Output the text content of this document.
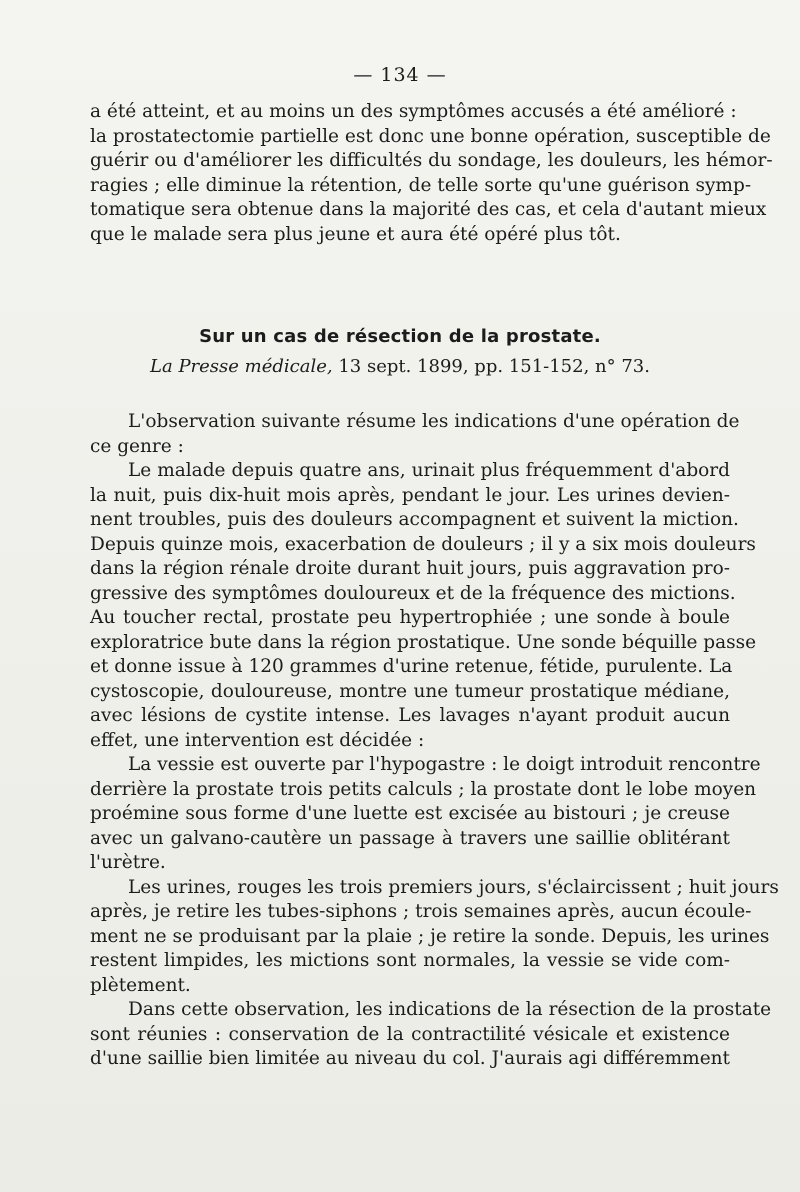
— 134 —
a été atteint, et au moins un des symptômes accusés a été amélioré :
la prostatectomie partielle est donc une bonne opération, susceptible de
guérir ou d'améliorer les difficultés du sondage, les douleurs, les hémor-
ragies ; elle diminue la rétention, de telle sorte qu'une guérison symp-
tomatique sera obtenue dans la majorité des cas, et cela d'autant mieux
que le malade sera plus jeune et aura été opéré plus tôt.
Sur un cas de résection de la prostate.
La Presse médicale, 13 sept. 1899, pp. 151-152, n° 73.
L'observation suivante résume les indications d'une opération de
ce genre :
Le malade depuis quatre ans, urinait plus fréquemment d'abord
la nuit, puis dix-huit mois après, pendant le jour. Les urines devien-
nent troubles, puis des douleurs accompagnent et suivent la miction.
Depuis quinze mois, exacerbation de douleurs ; il y a six mois douleurs
dans la région rénale droite durant huit jours, puis aggravation pro-
gressive des symptômes douloureux et de la fréquence des mictions.
Au toucher rectal, prostate peu hypertrophiée ; une sonde à boule
exploratrice bute dans la région prostatique. Une sonde béquille passe
et donne issue à 120 grammes d'urine retenue, fétide, purulente. La
cystoscopie, douloureuse, montre une tumeur prostatique médiane,
avec lésions de cystite intense. Les lavages n'ayant produit aucun
effet, une intervention est décidée :
La vessie est ouverte par l'hypogastre : le doigt introduit rencontre
derrière la prostate trois petits calculs ; la prostate dont le lobe moyen
proémine sous forme d'une luette est excisée au bistouri ; je creuse
avec un galvano-cautère un passage à travers une saillie oblitérant
l'urètre.
Les urines, rouges les trois premiers jours, s'éclaircissent ; huit jours
après, je retire les tubes-siphons ; trois semaines après, aucun écoule-
ment ne se produisant par la plaie ; je retire la sonde. Depuis, les urines
restent limpides, les mictions sont normales, la vessie se vide com-
plètement.
Dans cette observation, les indications de la résection de la prostate
sont réunies : conservation de la contractilité vésicale et existence
d'une saillie bien limitée au niveau du col. J'aurais agi différemment
